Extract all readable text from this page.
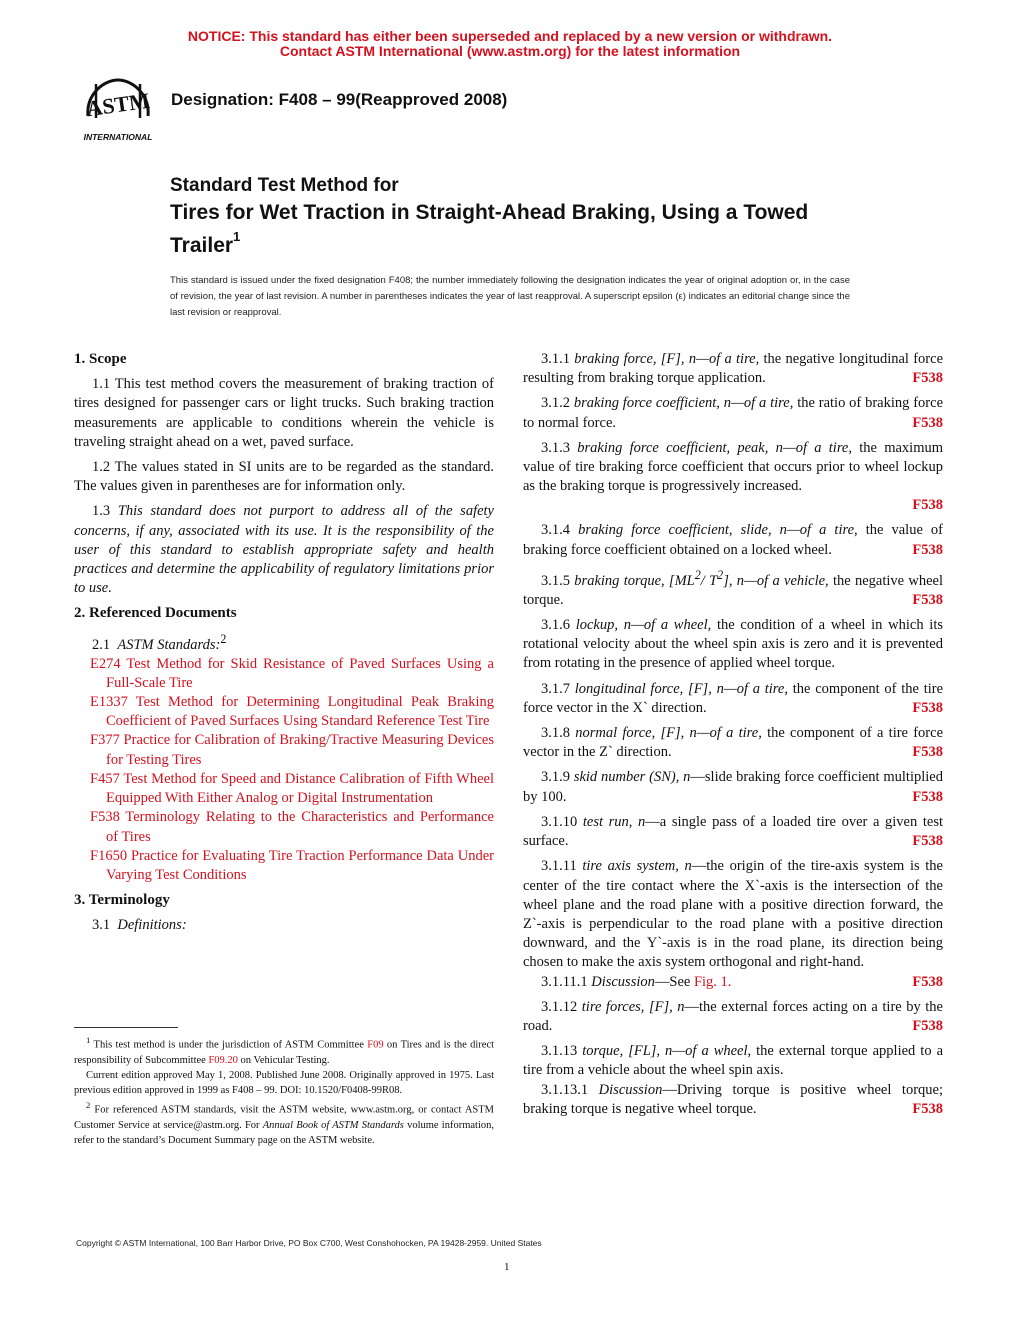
NOTICE: This standard has either been superseded and replaced by a new version or withdrawn.
Contact ASTM International (www.astm.org) for the latest information
ASTM
INTERNATIONAL
Designation: F408 – 99(Reapproved 2008)
Standard Test Method for
Tires for Wet Traction in Straight-Ahead Braking, Using a Towed Trailer$^1$
This standard is issued under the fixed designation F408; the number immediately following the designation indicates the year of original adoption or, in the case of revision, the year of last revision. A number in parentheses indicates the year of last reapproval. A superscript epsilon (ε) indicates an editorial change since the last revision or reapproval.

1. Scope

1.1 This test method covers the measurement of braking traction of tires designed for passenger cars or light trucks. Such braking traction measurements are applicable to conditions wherein the vehicle is traveling straight ahead on a wet, paved surface.

1.2 The values stated in SI units are to be regarded as the standard. The values given in parentheses are for information only.

1.3 This standard does not purport to address all of the safety concerns, if any, associated with its use. It is the responsibility of the user of this standard to establish appropriate safety and health practices and determine the applicability of regulatory limitations prior to use.

2. Referenced Documents

2.1 ASTM Standards:$^2$

E274 Test Method for Skid Resistance of Paved Surfaces Using a Full-Scale Tire

E1337 Test Method for Determining Longitudinal Peak Braking Coefficient of Paved Surfaces Using Standard Reference Test Tire

F377 Practice for Calibration of Braking/Tractive Measuring Devices for Testing Tires

F457 Test Method for Speed and Distance Calibration of Fifth Wheel Equipped With Either Analog or Digital Instrumentation

F538 Terminology Relating to the Characteristics and Performance of Tires

F1650 Practice for Evaluating Tire Traction Performance Data Under Varying Test Conditions

3. Terminology

3.1 Definitions:

$^1$ This test method is under the jurisdiction of ASTM Committee F09 on Tires and is the direct responsibility of Subcommittee F09.20 on Vehicular Testing.

Current edition approved May 1, 2008. Published June 2008. Originally approved in 1975. Last previous edition approved in 1999 as F408 – 99. DOI: 10.1520/F0408-99R08.

$^2$ For referenced ASTM standards, visit the ASTM website, www.astm.org, or contact ASTM Customer Service at service@astm.org. For Annual Book of ASTM Standards volume information, refer to the standard’s Document Summary page on the ASTM website.

3.1.1 braking force, [F], n—of a tire, the negative longitudinal force resulting from braking torque application.	F538

3.1.2 braking force coefficient, n—of a tire, the ratio of braking force to normal force.	F538

3.1.3 braking force coefficient, peak, n—of a tire, the maximum value of tire braking force coefficient that occurs prior to wheel lockup as the braking torque is progressively increased.
F538

3.1.4 braking force coefficient, slide, n—of a tire, the value of braking force coefficient obtained on a locked wheel.	F538

3.1.5 braking torque, [$ML^2/$ $T^2$], n—of a vehicle, the negative wheel torque.	F538

3.1.6 lockup, n—of a wheel, the condition of a wheel in which its rotational velocity about the wheel spin axis is zero and it is prevented from rotating in the presence of applied wheel torque.

3.1.7 longitudinal force, [F], n—of a tire, the component of the tire force vector in the X` direction.	F538

3.1.8 normal force, [F], n—of a tire, the component of a tire force vector in the Z` direction.	F538

3.1.9 skid number (SN), n—slide braking force coefficient multiplied by 100.	F538

3.1.10 test run, n—a single pass of a loaded tire over a given test surface.	F538

3.1.11 tire axis system, n—the origin of the tire-axis system is the center of the tire contact where the X`-axis is the intersection of the wheel plane and the road plane with a positive direction forward, the Z`-axis is perpendicular to the road plane with a positive direction downward, and the Y`-axis is in the road plane, its direction being chosen to make the axis system orthogonal and right-hand.

3.1.11.1 Discussion—See Fig. 1.	F538

3.1.12 tire forces, [F], n—the external forces acting on a tire by the road.	F538

3.1.13 torque, [FL], n—of a wheel, the external torque applied to a tire from a vehicle about the wheel spin axis.

3.1.13.1 Discussion—Driving torque is positive wheel torque; braking torque is negative wheel torque.	F538

Copyright © ASTM International, 100 Barr Harbor Drive, PO Box C700, West Conshohocken, PA 19428-2959. United States
1
